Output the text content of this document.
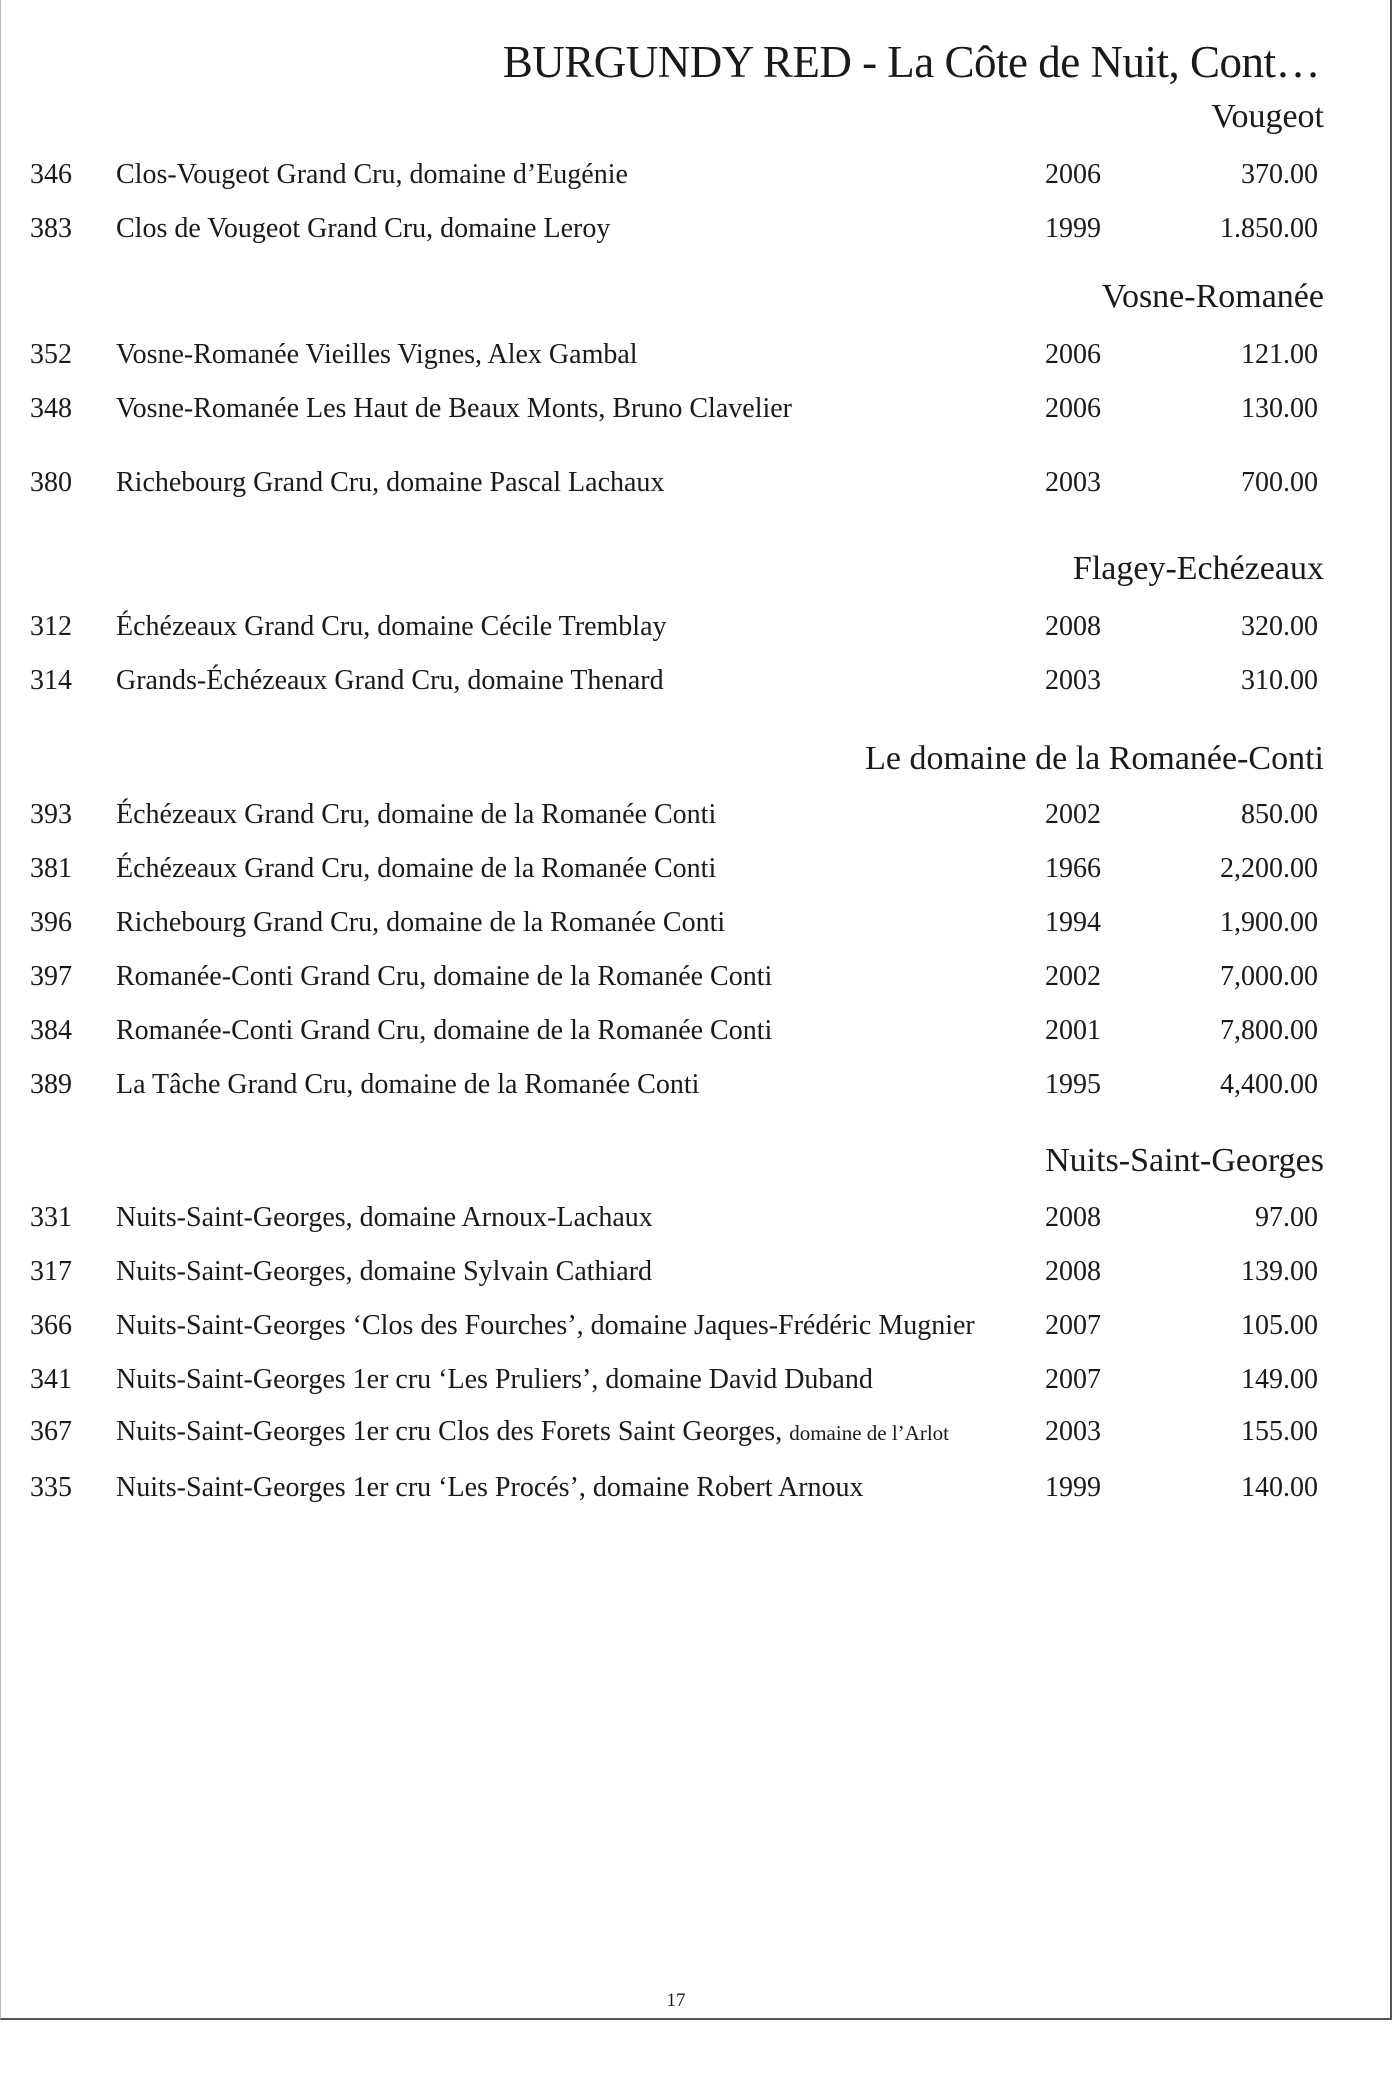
BURGUNDY RED - La Côte de Nuit, Cont…
Vougeot
346 Clos-Vougeot Grand Cru, domaine d’Eugénie	2006	370.00
383 Clos de Vougeot Grand Cru, domaine Leroy	1999	1.850.00
Vosne-Romanée
352 Vosne-Romanée Vieilles Vignes, Alex Gambal	2006	121.00
348 Vosne-Romanée Les Haut de Beaux Monts, Bruno Clavelier	2006	130.00
380 Richebourg Grand Cru, domaine Pascal Lachaux	2003	700.00
Flagey-Echézeaux
312 Échézeaux Grand Cru, domaine Cécile Tremblay	2008	320.00
314 Grands-Échézeaux Grand Cru, domaine Thenard	2003	310.00
Le domaine de la Romanée-Conti
393 Échézeaux Grand Cru, domaine de la Romanée Conti	2002	850.00
381 Échézeaux Grand Cru, domaine de la Romanée Conti	1966	2,200.00
396 Richebourg Grand Cru, domaine de la Romanée Conti	1994	1,900.00
397 Romanée-Conti Grand Cru, domaine de la Romanée Conti	2002	7,000.00
384 Romanée-Conti Grand Cru, domaine de la Romanée Conti	2001	7,800.00
389 La Tâche Grand Cru, domaine de la Romanée Conti	1995	4,400.00
Nuits-Saint-Georges
331 Nuits-Saint-Georges, domaine Arnoux-Lachaux	2008	97.00
317 Nuits-Saint-Georges, domaine Sylvain Cathiard	2008	139.00
366 Nuits-Saint-Georges ‘Clos des Fourches’, domaine Jaques-Frédéric Mugnier	2007	105.00
341 Nuits-Saint-Georges 1er cru ‘Les Pruliers’, domaine David Duband	2007	149.00
367 Nuits-Saint-Georges 1er cru Clos des Forets Saint Georges, domaine de l’Arlot	2003	155.00
335 Nuits-Saint-Georges 1er cru ‘Les Procés’, domaine Robert Arnoux	1999	140.00
17
